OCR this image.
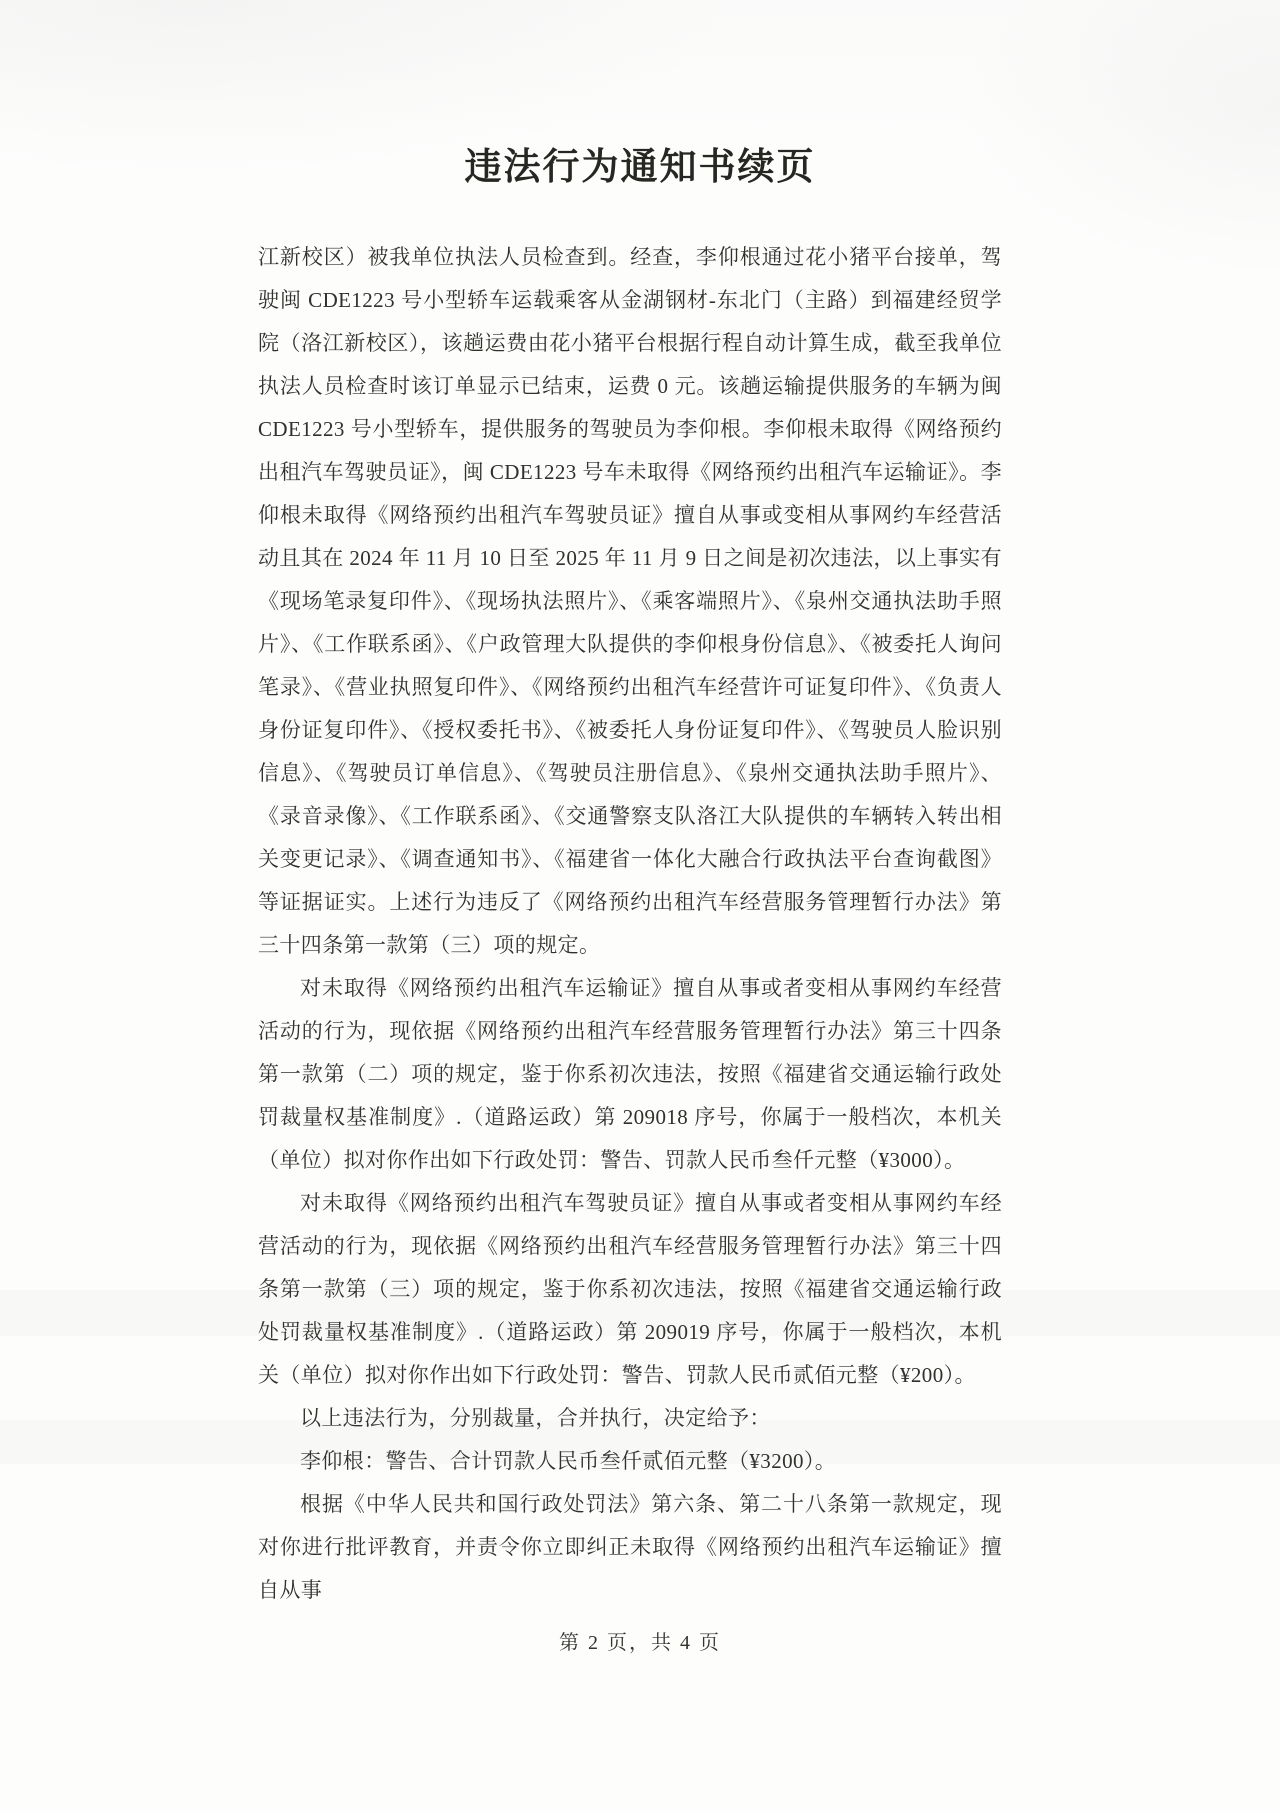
违法行为通知书续页

江新校区）被我单位执法人员检查到。经查，李仰根通过花小猪平台接单，驾驶闽 CDE1223 号小型轿车运载乘客从金湖钢材-东北门（主路）到福建经贸学院（洛江新校区），该趟运费由花小猪平台根据行程自动计算生成，截至我单位执法人员检查时该订单显示已结束，运费 0 元。该趟运输提供服务的车辆为闽 CDE1223 号小型轿车，提供服务的驾驶员为李仰根。李仰根未取得《网络预约出租汽车驾驶员证》，闽 CDE1223 号车未取得《网络预约出租汽车运输证》。李仰根未取得《网络预约出租汽车驾驶员证》擅自从事或变相从事网约车经营活动且其在 2024 年 11 月 10 日至 2025 年 11 月 9 日之间是初次违法，以上事实有《现场笔录复印件》、《现场执法照片》、《乘客端照片》、《泉州交通执法助手照片》、《工作联系函》、《户政管理大队提供的李仰根身份信息》、《被委托人询问笔录》、《营业执照复印件》、《网络预约出租汽车经营许可证复印件》、《负责人身份证复印件》、《授权委托书》、《被委托人身份证复印件》、《驾驶员人脸识别信息》、《驾驶员订单信息》、《驾驶员注册信息》、《泉州交通执法助手照片》、《录音录像》、《工作联系函》、《交通警察支队洛江大队提供的车辆转入转出相关变更记录》、《调查通知书》、《福建省一体化大融合行政执法平台查询截图》等证据证实。上述行为违反了《网络预约出租汽车经营服务管理暂行办法》第三十四条第一款第（三）项的规定。

对未取得《网络预约出租汽车运输证》擅自从事或者变相从事网约车经营活动的行为，现依据《网络预约出租汽车经营服务管理暂行办法》第三十四条第一款第（二）项的规定，鉴于你系初次违法，按照《福建省交通运输行政处罚裁量权基准制度》.（道路运政）第 209018 序号，你属于一般档次，本机关（单位）拟对你作出如下行政处罚：警告、罚款人民币叁仟元整（¥3000）。

对未取得《网络预约出租汽车驾驶员证》擅自从事或者变相从事网约车经营活动的行为，现依据《网络预约出租汽车经营服务管理暂行办法》第三十四条第一款第（三）项的规定，鉴于你系初次违法，按照《福建省交通运输行政处罚裁量权基准制度》.（道路运政）第 209019 序号，你属于一般档次，本机关（单位）拟对你作出如下行政处罚：警告、罚款人民币贰佰元整（¥200）。

以上违法行为，分别裁量，合并执行，决定给予：

李仰根：警告、合计罚款人民币叁仟贰佰元整（¥3200）。

根据《中华人民共和国行政处罚法》第六条、第二十八条第一款规定，现对你进行批评教育，并责令你立即纠正未取得《网络预约出租汽车运输证》擅自从事

第 2 页，共 4 页
